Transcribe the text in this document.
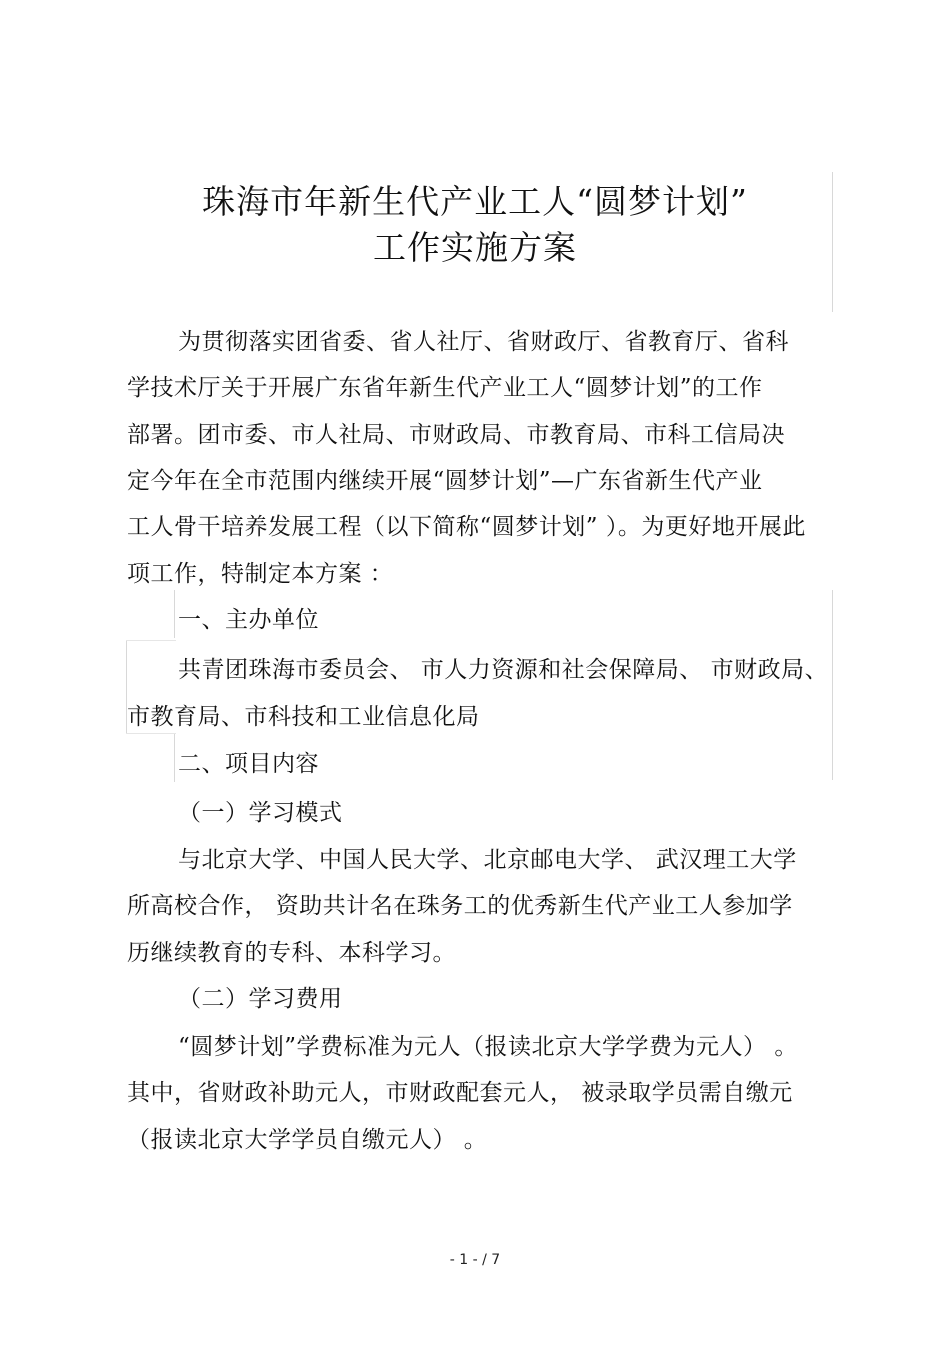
珠海市年新生代产业工人“圆梦计划”
工作实施方案
为贯彻落实团省委、省人社厅、省财政厅、省教育厅、省科
学技术厅关于开展广东省年新生代产业工人“圆梦计划”的工作
部署。团市委、市人社局、市财政局、市教育局、市科工信局决
定今年在全市范围内继续开展“圆梦计划”—广东省新生代产业
工人骨干培养发展工程（以下简称“圆梦计划” ）。为更好地开展此
项工作，特制定本方案 ：
一、主办单位
共青团珠海市委员会、 市人力资源和社会保障局、 市财政局、
市教育局、市科技和工业信息化局
二、项目内容
（一）学习模式
与北京大学、中国人民大学、北京邮电大学、 武汉理工大学
所高校合作， 资助共计名在珠务工的优秀新生代产业工人参加学
历继续教育的专科、本科学习。
（二）学习费用
“圆梦计划”学费标准为元人（报读北京大学学费为元人） 。
其中，省财政补助元人，市财政配套元人， 被录取学员需自缴元
（报读北京大学学员自缴元人） 。
- 1 - / 7
